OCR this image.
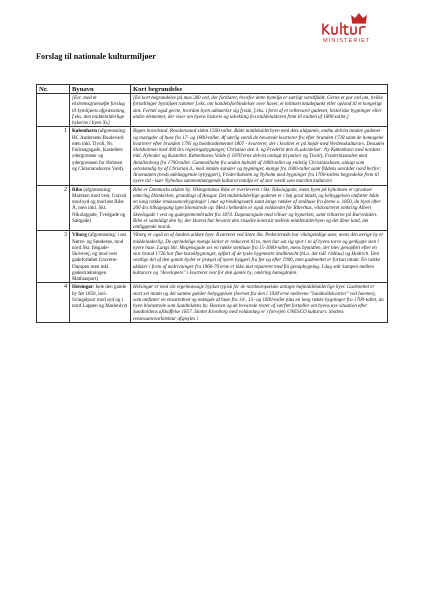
MINISTERIET
Forslag til nationale kulturmiljøer
Nr.	Bynavn	Kort begrundelse
	[Evt. med et ekstremsgrænseføt forslag til kymiljøets afgrænsning, f.eks. den middelalderlige bykerne i byen Xx]	[En kort begrundelse på max 200 ord, der forklarer, hvorfor dette bymiljø er særligt værdifuldt. Gerne et par ord om, hvilke fortællinger bymiljøet rummer f.eks. om handelsforbindelser over havet, et militært knudepunkt eller opland til et kongeligt slot. Fortæl også gerne, hvordan byen udmærker sig fysisk, f.eks. i form af et velbevaret gadenet, historiske bygninger eller andre elementer, der viser om byens historie og udvikling fra middelalderen frem til midten af 1800-tallet.]
1	København (afgrænsning: HC Andersens Boulevard men inkl. Tivoli, Nr. Farimagsgade, Kastellets ydergrænser og ydergrænsen for Holmen og Christianshavns Vold).	Rigets hovedstad, Residensstad siden 1560-tallet. Både middelalderbyen med dets aldgamle, endnu delvist intakte gadenet og mængder af huse fra 17- og 1800-tallet. Af særlig værdi de bevarede kvarterer fra efter branden 1728 samt de homogene kvarterer efter branden 1795 og bombardementet 1807 - kvarterer, der i kvalitet er på højde med Verdenskulturarv. Desuden Slotsholmen med 400 års regeringsbygninger, Christian den 4. og Frederik den 4s udvidelser: Ny København med nordøst inkl. Nyboder og Kastellet. Københavns Volde (i 1870'erne delvist omlagt til parker og Tivoli), Frederiksstaden med Amalienborg fra 1700-tallet. Gammelholm fra anden halvdel af 1800-tallet og endelig Christianshavn, anlagt som selvstændig by af Christian 4., med intakte kanaler og bygninger, mange fra 1600-tallet samt flådens områder nord herfor: Arsenaløen (trods ødelæggende nybyggeri), Frederiksholm og Nyholm med bygninger fra 1700-tallets begyndelse frem til nyere tid - især Nyholms sammenhængende kulturarvsmiljø er af stor værdi som maritim kulturarv.
2	Ribe (afgrænsning: Marsken mod vest, Gravså mod syd og mod øst Ribe Å, men inkl. Skt. Nikolajgade, Tvedgade og Saltgade)	Ribe er Danmarks ældste by. Vikingetidens Ribe er overleveret i Skt. Nikolajgade, mens byen på byholmen er opvokset omkring Domkirken, grundlagt af Ansgar. Det middelalderlige gadenet er i høj grad intakt, og bebyggelsen omfatter både en lang række renæssancebygninger i mur og bindingsværk samt lange rækker af småhuse fra årene o. 1850, da byen efter 200 års tilbagegang igen blomstrede op. Med i helheden er også voldstedet for Riberhus, vildsvarteret omkring Albert Skeelsgade i vest og gadegennembrudet fra 1874. Dagmarsgade med villaer og byparken, samt villaerne på Kurvedalen. Ribe er samtidigt den by, der klarest har bevaret den visuelle kontrast mellem middelalderbyen og det åbne land, det omliggende marsk.
3	Viborg (afgrænsning: i øst Nørre- og Søndersø, mod nord Skt. Ibsgade-Skivevej, og mod vest gadeforløbet Gravene-Dumpen men inkl. gadestrækningen Mathiasport)	Viborg er også en af landets ældste byer. Kvarteret ved Store Skt. Pederstræde har vikingetidige aner, mens den øvrige by er middelalderlig. De oprindelige mange kirker er reduceret til to, men har sat sig spor i to af byens torve og genkygte sten i nyere huse. Langs Skt. Mogensgade ses en række stenhuse fra 15-1600-tallet, mens bymidten, der blev genopført efter en stor brand 1726 har fine barokbygninger, opført af de tyske bygmestre Stallknecht (bl.a. det tidl. rådhus) og Hodrich. Den vestlige del af den gamle bydel er præget af nyere byggeri fra før og efter 1900, men gadenettet er fortsat intakt. En række ukikker i form af nedrivninger fra 1960-70'erne er ikke sket repareret med fin genopbygning. I dag står kampen mellem kulturarv og "developere" i kvarteret vest for den gamle by, omkring banegården.
4	Helsingør: hele den gamle by før 1850, incl. Svingelport mod syd og i nord Lappen og Marienlyst	Helsingør er med sin regelmæssige byplan typisk for de nordeuropæiske anlagte højmiddelalderlige byer. Gadenettet er stort set intakt og det samme gælder bebyggelsen (bortset fra den i 1930'erne nedrevne "Sundtoldskvarter" ved havnen), som omfatter en ensartethed og mængde af huse fra 14-, 15- og 1600-tallet plus en lang række bygninger fra 1700-tallet, da byen blomstrede som Sundtoldens by. Havnen og de bevarede rester af værftet fortæller om byens nye situation efter Sundtoldens afskaffelse 1857. Slottet Kronborg med voldanlæg er i forvejen UNESCO kulturarv. Slottets renæssancearkitektur afspejles i
